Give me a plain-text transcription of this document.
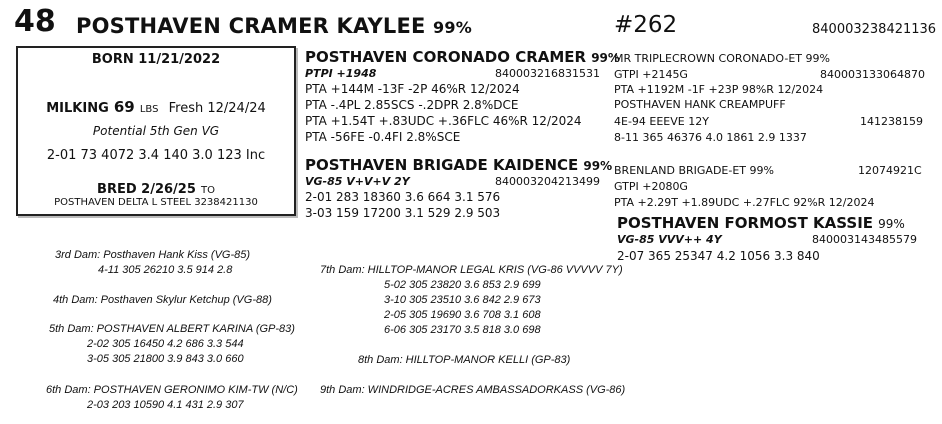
48 POSTHAVEN CRAMER KAYLEE 99%	#262	840003238421136
BORN 11/21/2022
MILKING 69 LBS Fresh 12/24/24
Potential 5th Gen VG
2-01 73 4072 3.4 140 3.0 123 Inc
BRED 2/26/25 TO
POSTHAVEN DELTA L STEEL 3238421130
POSTHAVEN CORONADO CRAMER 99%
PTPI +1948	840003216831531
PTA +144M -13F -2P 46%R 12/2024
PTA -.4PL 2.85SCS -.2DPR 2.8%DCE
PTA +1.54T +.83UDC +.36FLC 46%R 12/2024
PTA -56FE -0.4FI 2.8%SCE
MR TRIPLECROWN CORONADO-ET 99%
GTPI +2145G	840003133064870
PTA +1192M -1F +23P 98%R 12/2024
POSTHAVEN HANK CREAMPUFF
4E-94 EEEVE 12Y	141238159
8-11 365 46376 4.0 1861 2.9 1337
POSTHAVEN BRIGADE KAIDENCE 99%
VG-85 V+V+V 2Y	840003204213499
2-01 283 18360 3.6 664 3.1 576
3-03 159 17200 3.1 529 2.9 503
BRENLAND BRIGADE-ET 99%	12074921C
GTPI +2080G
PTA +2.29T +1.89UDC +.27FLC 92%R 12/2024
POSTHAVEN FORMOST KASSIE 99%
VG-85 VVV++ 4Y	840003143485579
2-07 365 25347 4.2 1056 3.3 840
3rd Dam: Posthaven Hank Kiss (VG-85)
4-11 305 26210 3.5 914 2.8
4th Dam: Posthaven Skylur Ketchup (VG-88)
5th Dam: POSTHAVEN ALBERT KARINA (GP-83)
2-02 305 16450 4.2 686 3.3 544
3-05 305 21800 3.9 843 3.0 660
6th Dam: POSTHAVEN GERONIMO KIM-TW (N/C)
2-03 203 10590 4.1 431 2.9 307
7th Dam: HILLTOP-MANOR LEGAL KRIS (VG-86 VVVVV 7Y)
5-02 305 23820 3.6 853 2.9 699
3-10 305 23510 3.6 842 2.9 673
2-05 305 19690 3.6 708 3.1 608
6-06 305 23170 3.5 818 3.0 698
8th Dam: HILLTOP-MANOR KELLI (GP-83)
9th Dam: WINDRIDGE-ACRES AMBASSADORKASS (VG-86)
